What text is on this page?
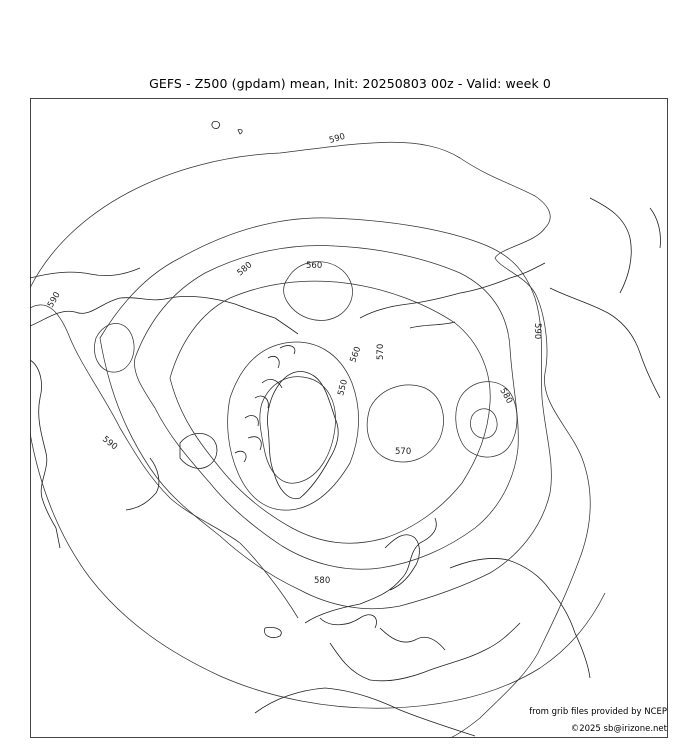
GEFS - Z500 (gpdam) mean, Init: 20250803 00z - Valid: week 0
590
590
590
590
580
580
580
570
570
560
560
550
from grib files provided by NCEP
©2025 sb@irizone.net
